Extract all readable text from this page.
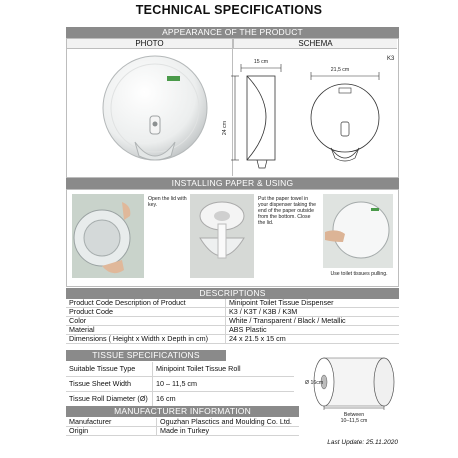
TECHNICAL SPECIFICATIONS
APPEARANCE OF THE PRODUCT
PHOTO	SCHEMA
K3
15 cm
21,5 cm
24 cm
INSTALLING PAPER & USING
Open the lid with key.
Put the paper towel in your dispenser taking the end of the paper outside from the bottom. Close the lid.
Use toilet tissues pulling.
DESCRIPTIONS
Product Code Description of Product	Minipoint Toilet Tissue Dispenser
Product Code	K3 / K3T / K3B / K3M
Color	White / Transparent / Black / Metallic
Material	ABS Plastic
Dimensions ( Height x Width x Depth in cm)	24 x 21.5 x 15 cm
TISSUE SPECIFICATIONS
Suitable Tissue Type	Minipoint Toilet Tissue Roll
Tissue Sheet Width	10 – 11,5 cm
Tissue Roll Diameter (Ø)	16 cm
Ø 16cm
Between
10–11,5 cm
MANUFACTURER INFORMATION
Manufacturer	Oguzhan Plasctics and Moulding Co. Ltd.
Origin	Made in Turkey
Last Update: 25.11.2020
